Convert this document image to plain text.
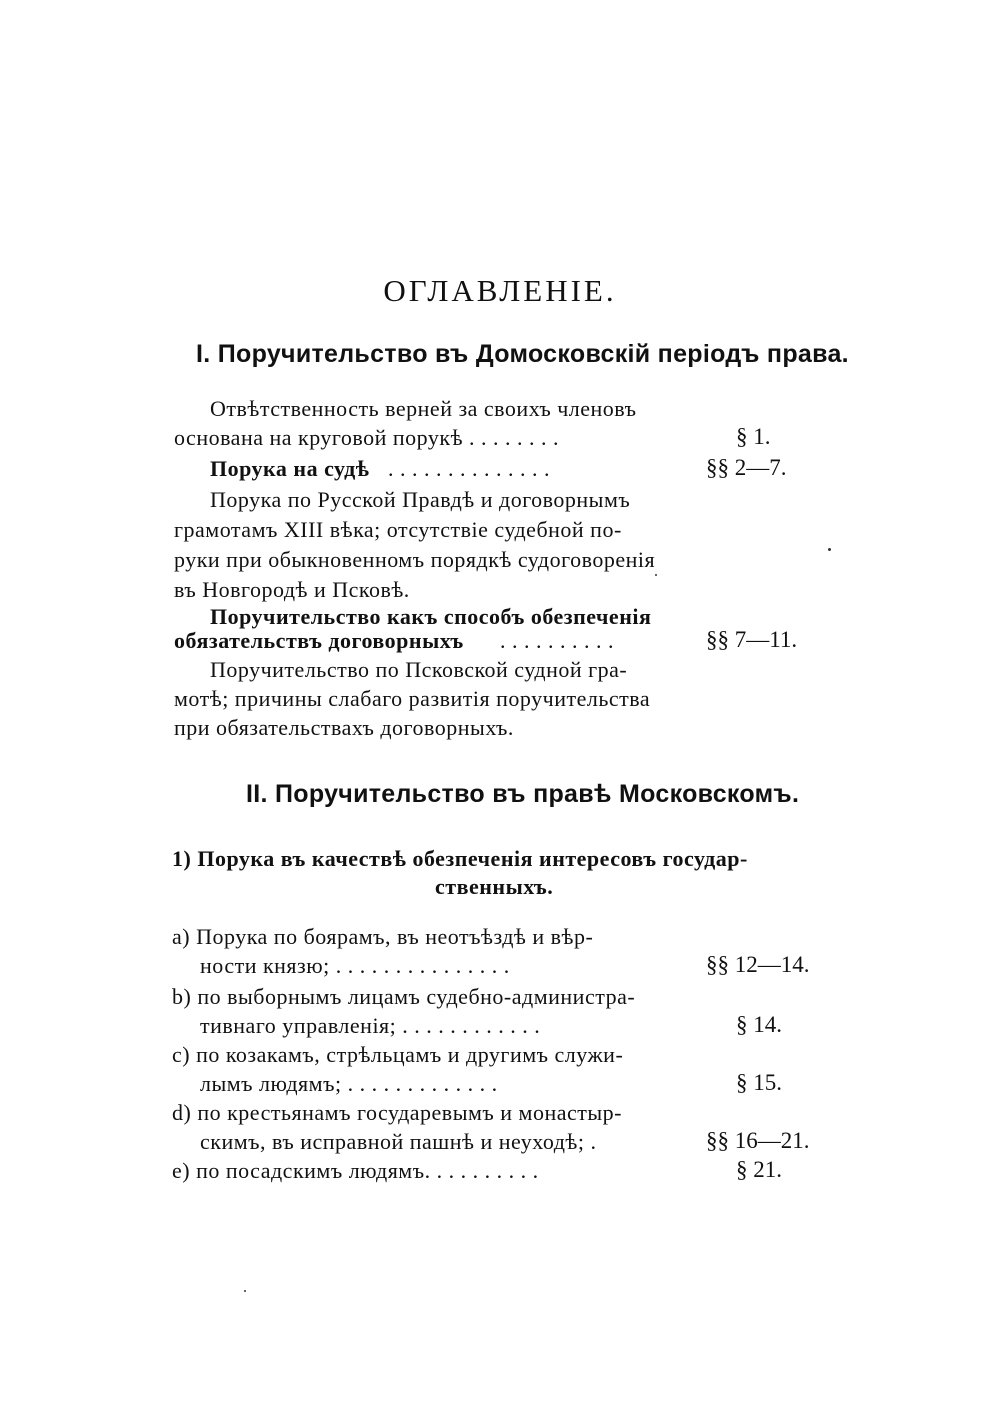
ОГЛАВЛЕНІЕ.
I. Поручительство въ Домосковскій періодъ права.
Отвѣтственность верней за своихъ членовъ
основана на круговой порукѣ . . . . . . . .	§ 1.
Порука на судѣ . . . . . . . . . . . . . .	§§ 2—7.
Порука по Русской Правдѣ и договорнымъ
грамотамъ XIII вѣка; отсутствіе судебной по-
руки при обыкновенномъ порядкѣ судоговоренія
въ Новгородѣ и Псковѣ.
Поручительство какъ способъ обезпеченія
обязательствъ договорныхъ . . . . . . . . . .	§§ 7—11.
Поручительство по Псковской судной гра-
мотѣ; причины слабаго развитія поручительства
при обязательствахъ договорныхъ.
II. Поручительство въ правѣ Московскомъ.
1) Порука въ качествѣ обезпеченія интересовъ государ-
ственныхъ.
a) Порука по боярамъ, въ неотъѣздѣ и вѣр-
ности князю; . . . . . . . . . . . . . . .	§§ 12—14.
b) по выборнымъ лицамъ судебно-администра-
тивнаго управленія; . . . . . . . . . . . .	§ 14.
c) по козакамъ, стрѣльцамъ и другимъ служи-
лымъ людямъ; . . . . . . . . . . . . .	§ 15.
d) по крестьянамъ государевымъ и монастыр-
скимъ, въ исправной пашнѣ и неуходѣ; .	§§ 16—21.
e) по посадскимъ людямъ. . . . . . . . . .	§ 21.
